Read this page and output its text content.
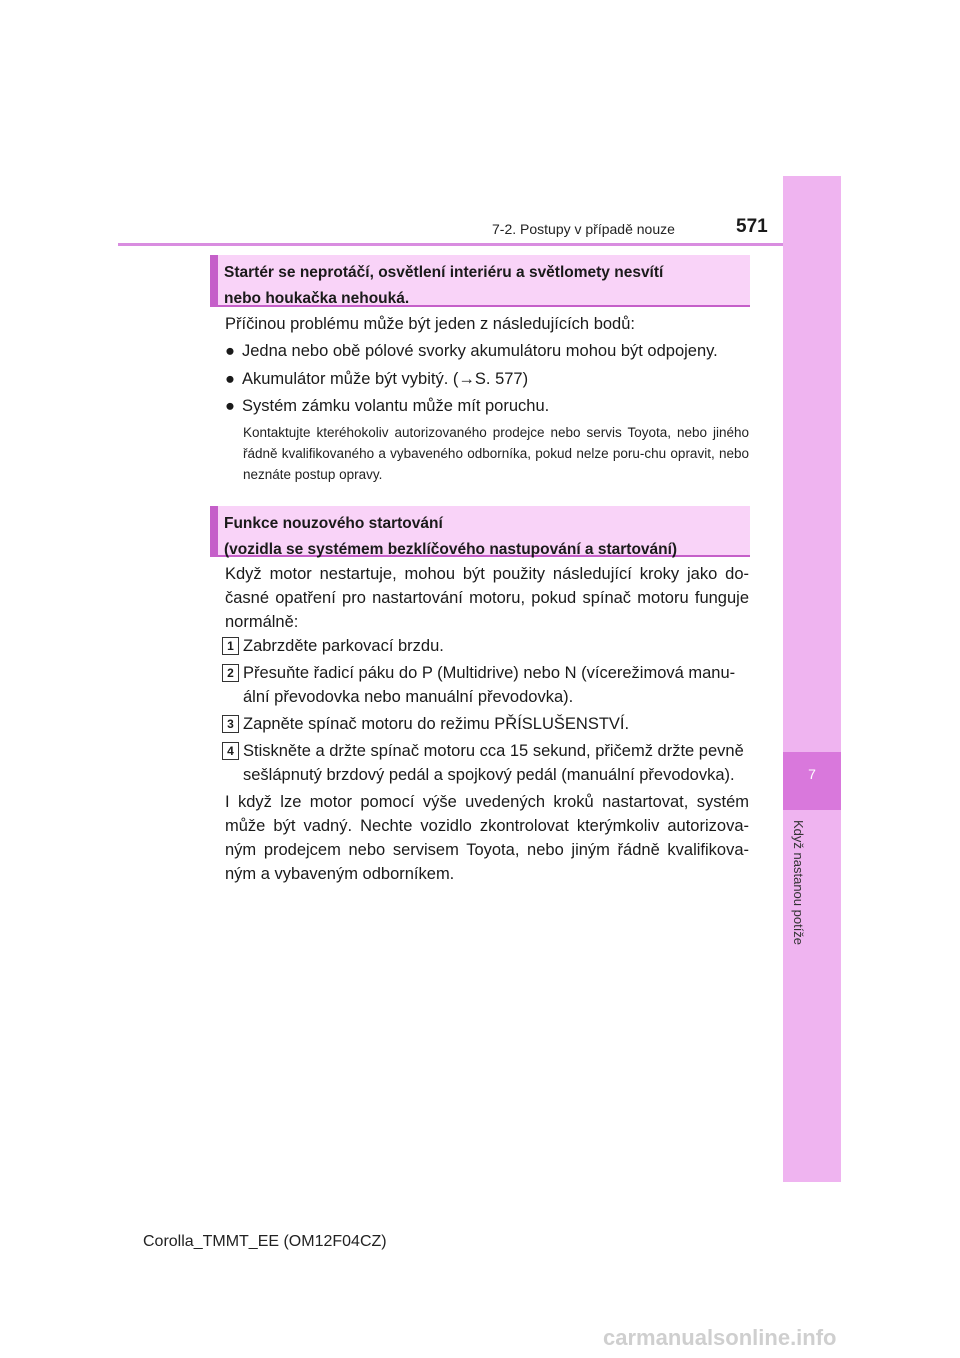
7
Když nastanou potíže
7-2. Postupy v případě nouze	571
Startér se neprotáčí, osvětlení interiéru a světlomety nesvítí
nebo houkačka nehouká.
Příčinou problému může být jeden z následujících bodů:
● Jedna nebo obě pólové svorky akumulátoru mohou být odpojeny.
● Akumulátor může být vybitý. (→S. 577)
● Systém zámku volantu může mít poruchu.
Kontaktujte kteréhokoliv autorizovaného prodejce nebo servis Toyota, nebo jiného řádně kvalifikovaného a vybaveného odborníka, pokud nelze poru-chu opravit, nebo neznáte postup opravy.
Funkce nouzového startování
(vozidla se systémem bezklíčového nastupování a startování)
Když motor nestartuje, mohou být použity následující kroky jako do-časné opatření pro nastartování motoru, pokud spínač motoru funguje normálně:
1 Zabrzděte parkovací brzdu.
2 Přesuňte řadicí páku do P (Multidrive) nebo N (vícerežimová manu-ální převodovka nebo manuální převodovka).
3 Zapněte spínač motoru do režimu PŘÍSLUŠENSTVÍ.
4 Stiskněte a držte spínač motoru cca 15 sekund, přičemž držte pevně sešlápnutý brzdový pedál a spojkový pedál (manuální převodovka).
I když lze motor pomocí výše uvedených kroků nastartovat, systém může být vadný. Nechte vozidlo zkontrolovat kterýmkoliv autorizova-ným prodejcem nebo servisem Toyota, nebo jiným řádně kvalifikova-ným a vybaveným odborníkem.
Corolla_TMMT_EE (OM12F04CZ)
carmanualsonline.info
